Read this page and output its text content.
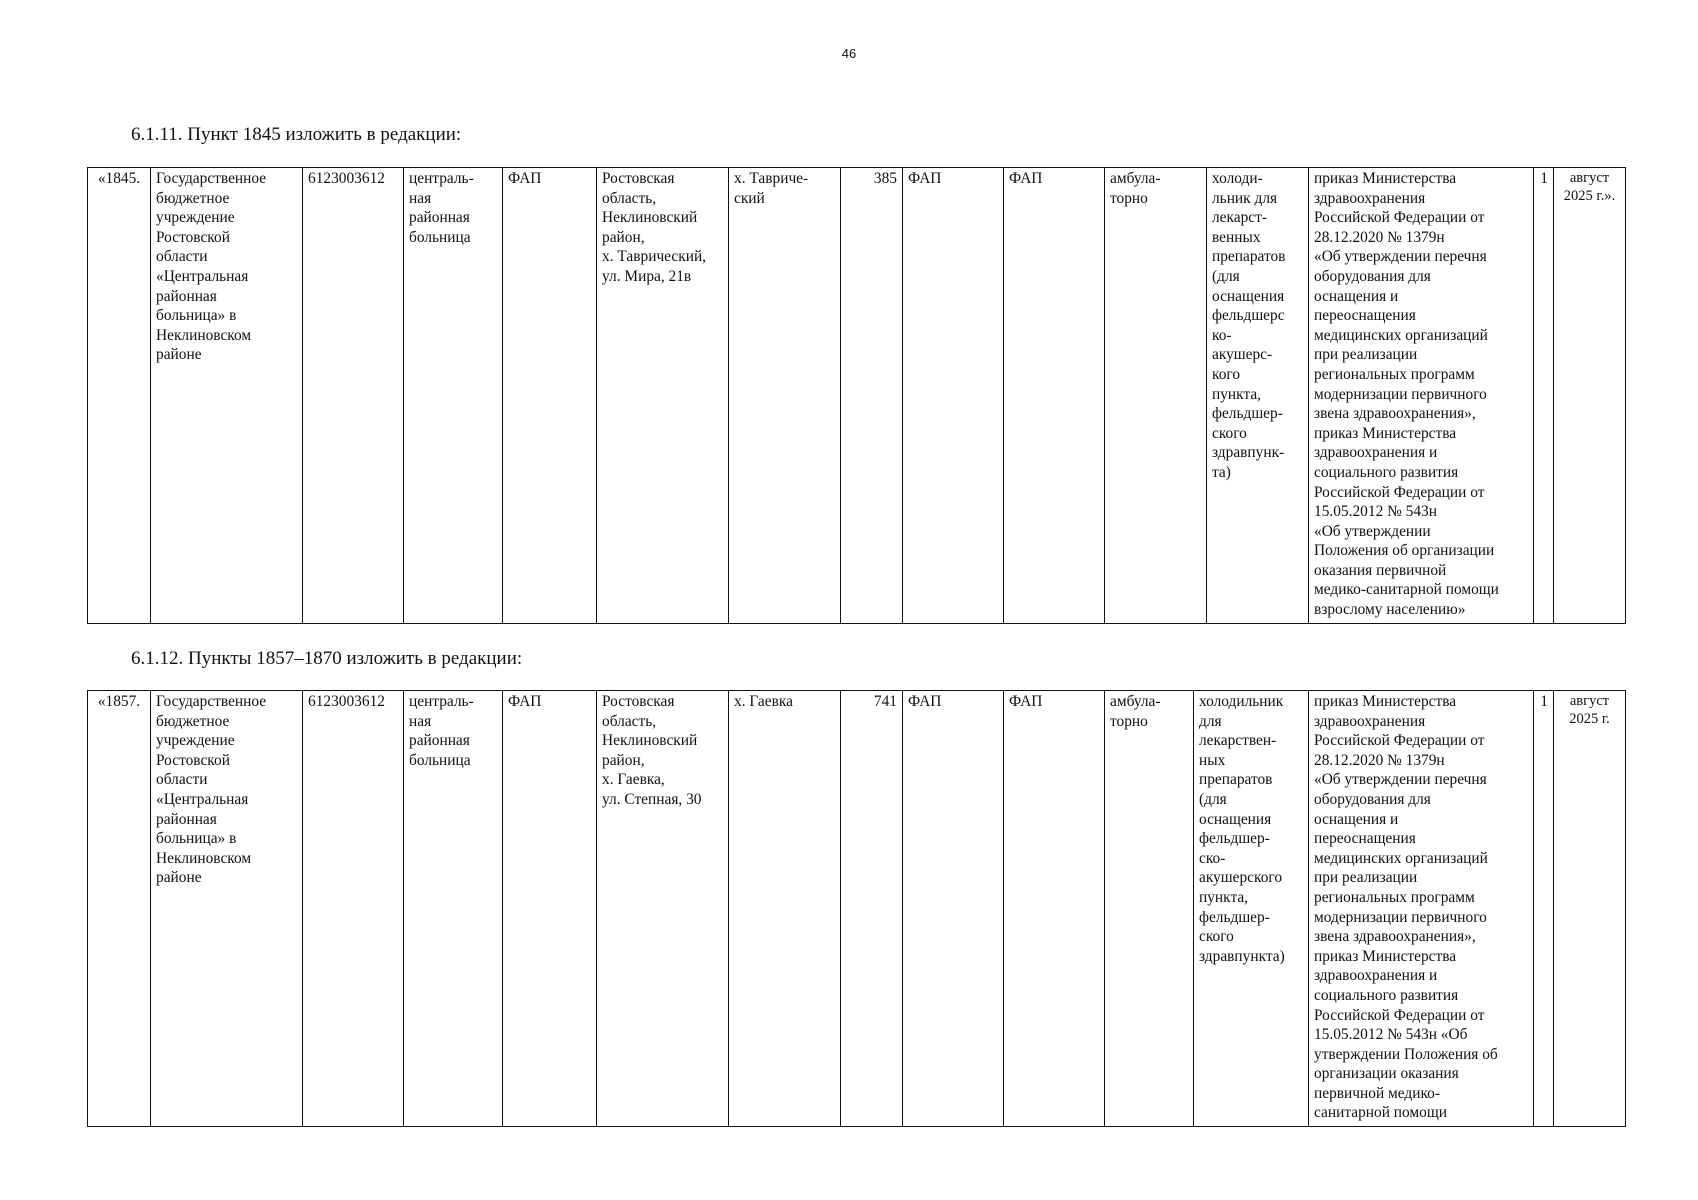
46
6.1.11. Пункт 1845 изложить в редакции:
«1845.	Государственное
бюджетное
учреждение
Ростовской
области
«Центральная
районная
больница» в
Неклиновском
районе	6123003612	централь-
ная
районная
больница	ФАП	Ростовская
область,
Неклиновский
район,
х. Таврический,
ул. Мира, 21в	х. Тавриче-
ский	385	ФАП	ФАП	амбула-
торно	холоди-
льник для
лекарст-
венных
препаратов
(для
оснащения
фельдшерс
ко-
акушерс-
кого
пункта,
фельдшер-
ского
здравпунк-
та)	приказ Министерства
здравоохранения
Российской Федерации от
28.12.2020 № 1379н
«Об утверждении перечня
оборудования для
оснащения и
переоснащения
медицинских организаций
при реализации
региональных программ
модернизации первичного
звена здравоохранения»,
приказ Министерства
здравоохранения и
социального развития
Российской Федерации от
15.05.2012 № 543н
«Об утверждении
Положения об организации
оказания первичной
медико-санитарной помощи
взрослому населению»	1	август
2025 г.».
6.1.12. Пункты 1857–1870 изложить в редакции:
«1857.	Государственное
бюджетное
учреждение
Ростовской
области
«Центральная
районная
больница» в
Неклиновском
районе	6123003612	централь-
ная
районная
больница	ФАП	Ростовская
область,
Неклиновский
район,
х. Гаевка,
ул. Степная, 30	х. Гаевка	741	ФАП	ФАП	амбула-
торно	холодильник
для
лекарствен-
ных
препаратов
(для
оснащения
фельдшер-
ско-
акушерского
пункта,
фельдшер-
ского
здравпункта)	приказ Министерства
здравоохранения
Российской Федерации от
28.12.2020 № 1379н
«Об утверждении перечня
оборудования для
оснащения и
переоснащения
медицинских организаций
при реализации
региональных программ
модернизации первичного
звена здравоохранения»,
приказ Министерства
здравоохранения и
социального развития
Российской Федерации от
15.05.2012 № 543н «Об
утверждении Положения об
организации оказания
первичной медико-
санитарной помощи	1	август
2025 г.
